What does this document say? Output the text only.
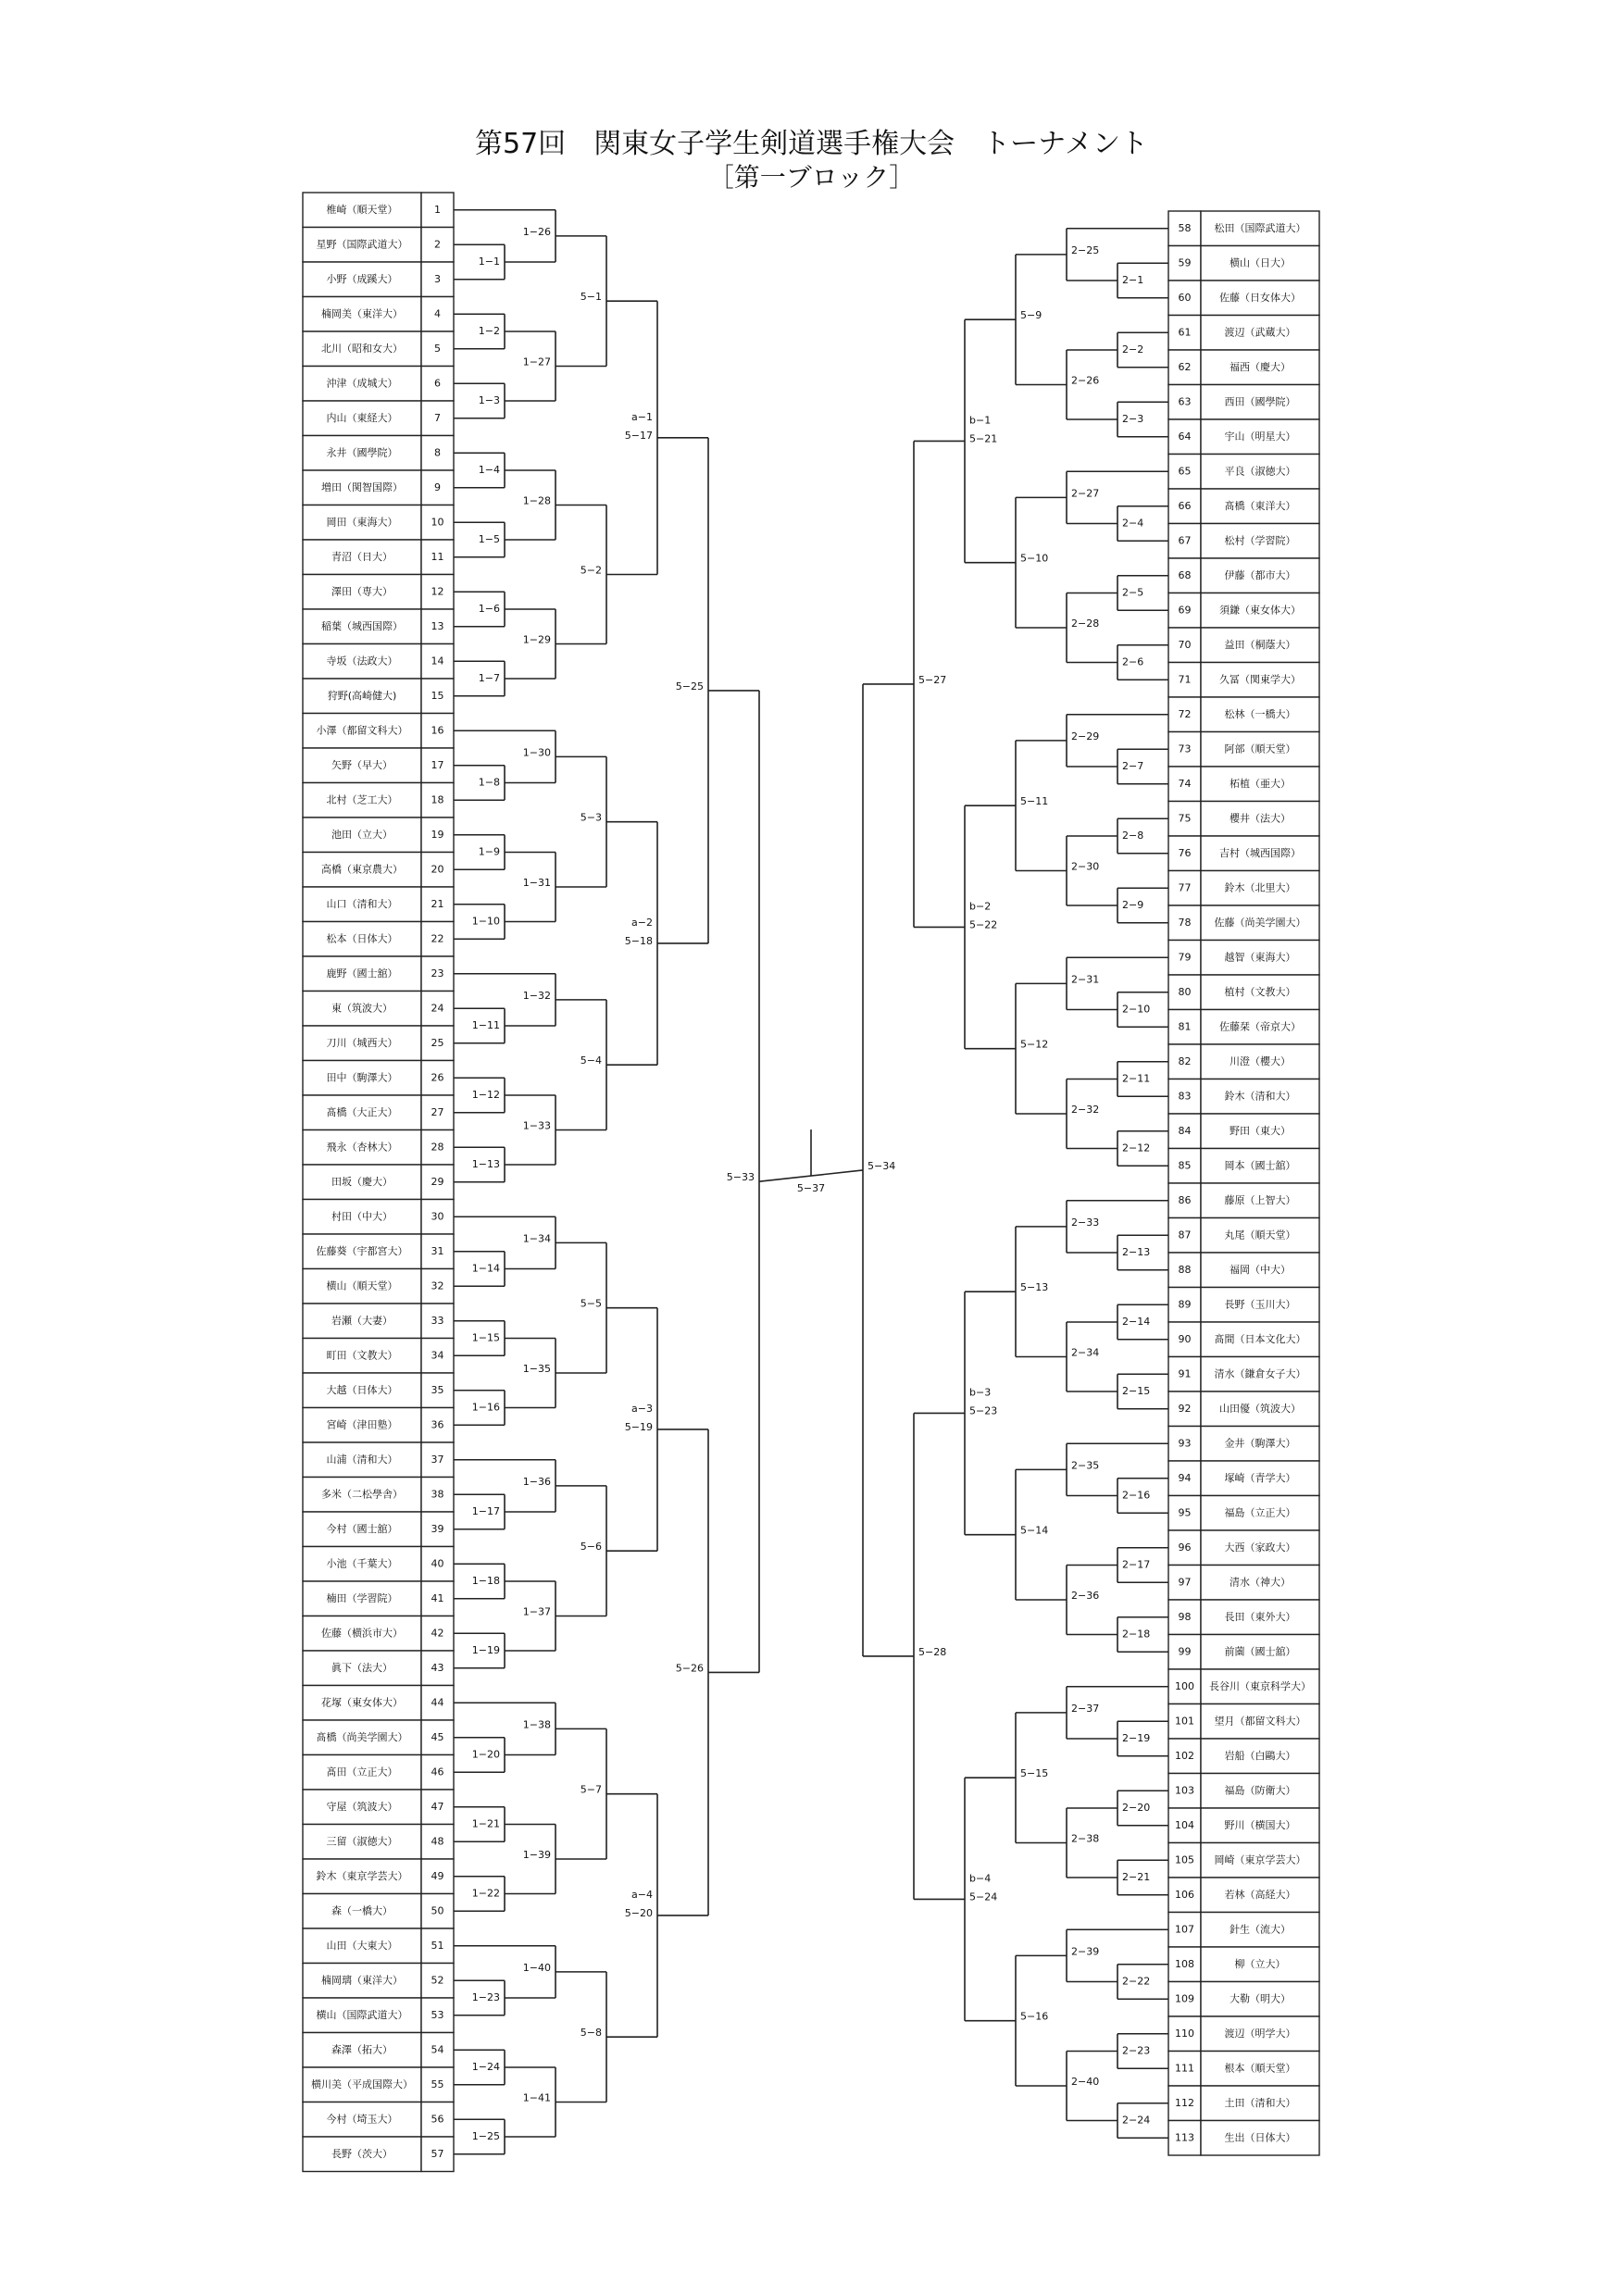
第57回　関東女子学生剣道選手権大会　トーナメント
［第一ブロック］
椎崎（順天堂）	1
星野（国際武道大）	2
小野（成蹊大）	3
楠岡美（東洋大）	4
北川（昭和女大）	5
沖津（成城大）	6
内山（東経大）	7
永井（國學院）	8
増田（関智国際）	9
岡田（東海大）	10
青沼（日大）	11
澤田（専大）	12
稲葉（城西国際）	13
寺坂（法政大）	14
狩野(高崎健大)	15
小澤（都留文科大） 16
矢野（早大）	17
北村（芝工大）	18
池田（立大）	19
高橋（東京農大）	20
山口（清和大）	21
松本（日体大）	22
鹿野（國士舘）	23
東（筑波大）	24
刀川（城西大）	25
田中（駒澤大）	26
髙橋（大正大）	27
飛永（杏林大）	28
田坂（慶大）	29
村田（中大）	30
佐藤葵（宇都宮大） 31
横山（順天堂）	32
岩瀬（大妻）	33
町田（文教大）	34
大越（日体大）	35
宮崎（津田塾）	36
山浦（清和大）	37
多米（二松學舎）	38
今村（國士舘）	39
小池（千葉大）	40
楠田（学習院）	41
佐藤（横浜市大）	42
眞下（法大）	43
花塚（東女体大）	44
髙橋（尚美学園大） 45
髙田（立正大）	46
守屋（筑波大）	47
三留（淑徳大）	48
鈴木（東京学芸大） 49
森（一橋大）	50
山田（大東大）	51
楠岡璃（東洋大）	52
横山（国際武道大） 53
森澤（拓大）	54
横川美（平成国際大） 55
今村（埼玉大）	56
長野（茨大）	57
58 松田（国際武道大）
59	横山（日大）
60	佐藤（日女体大）
61	渡辺（武蔵大）
62	福西（慶大）
63	西田（國學院）
64	宇山（明星大）
65	平良（淑徳大）
66	髙橋（東洋大）
67	松村（学習院）
68	伊藤（都市大）
69	須鎌（東女体大）
70	益田（桐蔭大）
71	久冨（関東学大）
72	松林（一橋大）
73	阿部（順天堂）
74	柘植（亜大）
75	櫻井（法大）
76	吉村（城西国際）
77	鈴木（北里大）
78 佐藤（尚美学園大）
79	越智（東海大）
80	植村（文教大）
81	佐藤栞（帝京大）
82	川澄（櫻大）
83	鈴木（清和大）
84	野田（東大）
85	岡本（國士舘）
86	藤原（上智大）
87	丸尾（順天堂）
88	福岡（中大）
89	長野（玉川大）
90 髙間（日本文化大）
91 清水（鎌倉女子大）
92	山田優（筑波大）
93	金井（駒澤大）
94	塚崎（青学大）
95	福島（立正大）
96	大西（家政大）
97	清水（神大）
98	長田（東外大）
99	前薗（國士舘）
100 長谷川（東京科学大）
101 望月（都留文科大）
102	岩船（白鷗大）
103	福島（防衛大）
104	野川（横国大）
105 岡崎（東京学芸大）
106	若林（高経大）
107	針生（流大）
108	柳（立大）
109	大勒（明大）
110	渡辺（明学大）
111	根本（順天堂）
112	土田（清和大）
113	生出（日体大）
1−1
1−26
1−2
1−3
1−27
5−1
1−4
1−5
1−28
1−6
1−7
1−29
5−2
1−8
1−30
1−9
1−10
1−31
5−3
1−11
1−32
1−12
1−13
1−33
5−4
1−14
1−34
1−15
1−16
1−35
5−5
1−17
1−36
1−18
1−19
1−37
5−6
1−20
1−38
1−21
1−22
1−39
5−7
1−23
1−40
1−24
1−25
1−41
5−8
a−1
5−17
a−2
5−18
a−3
5−19
a−4
5−20
5−25
5−26
5−33
2−1
2−25
2−2
2−3
2−26
5−9
2−4
2−27
2−5
2−6
2−28
5−10
2−7
2−29
2−8
2−9
2−30
5−11
2−10
2−31
2−11
2−12
2−32
5−12
2−13
2−33
2−14
2−15
2−34
5−13
2−16
2−35
2−17
2−18
2−36
5−14
2−19
2−37
2−20
2−21
2−38
5−15
2−22
2−39
2−23
2−24
2−40
5−16
b−1
5−21
b−2
5−22
b−3
5−23
b−4
5−24
5−27
5−28
5−34
5−37
